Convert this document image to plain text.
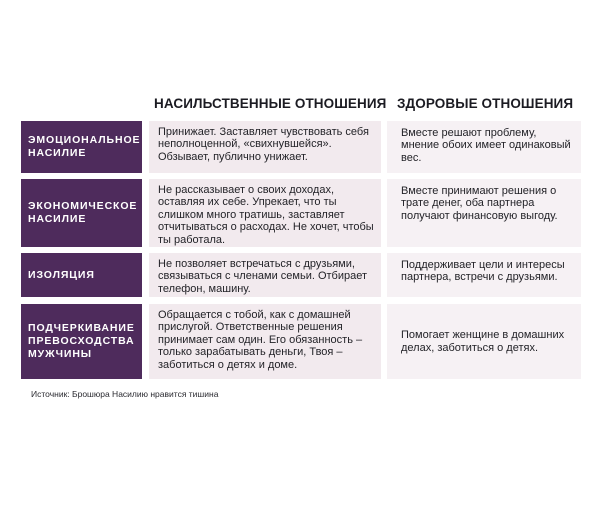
НАСИЛЬСТВЕННЫЕ ОТНОШЕНИЯ ЗДОРОВЫЕ ОТНОШЕНИЯ
ЭМОЦИОНАЛЬНОЕ НАСИЛИЕ

Принижает. Заставляет чувствовать себя неполноценной, «свихнувшейся». Обзывает, публично унижает.

Вместе решают проблему, мнение обоих имеет одинаковый вес.

ЭКОНОМИЧЕСКОЕ НАСИЛИЕ

Не рассказывает о своих доходах, оставляя их себе. Упрекает, что ты слишком много тратишь, заставляет отчитываться о расходах. Не хочет, чтобы ты работала.

Вместе принимают решения о трате денег, оба партнера получают финансовую выгоду.

ИЗОЛЯЦИЯ

Не позволяет встречаться с друзьями, связываться с членами семьи. Отбирает телефон, машину.

Поддерживает цели и интересы партнера, встречи с друзьями.

ПОДЧЕРКИВАНИЕ ПРЕВОСХОДСТВА МУЖЧИНЫ

Обращается с тобой, как с домашней прислугой. Ответственные решения принимает сам один. Его обязанность – только зарабатывать деньги, Твоя – заботиться о детях и доме.

Помогает женщине в домашних делах, заботиться о детях.

Источник: Брошюра Насилию нравится тишина
